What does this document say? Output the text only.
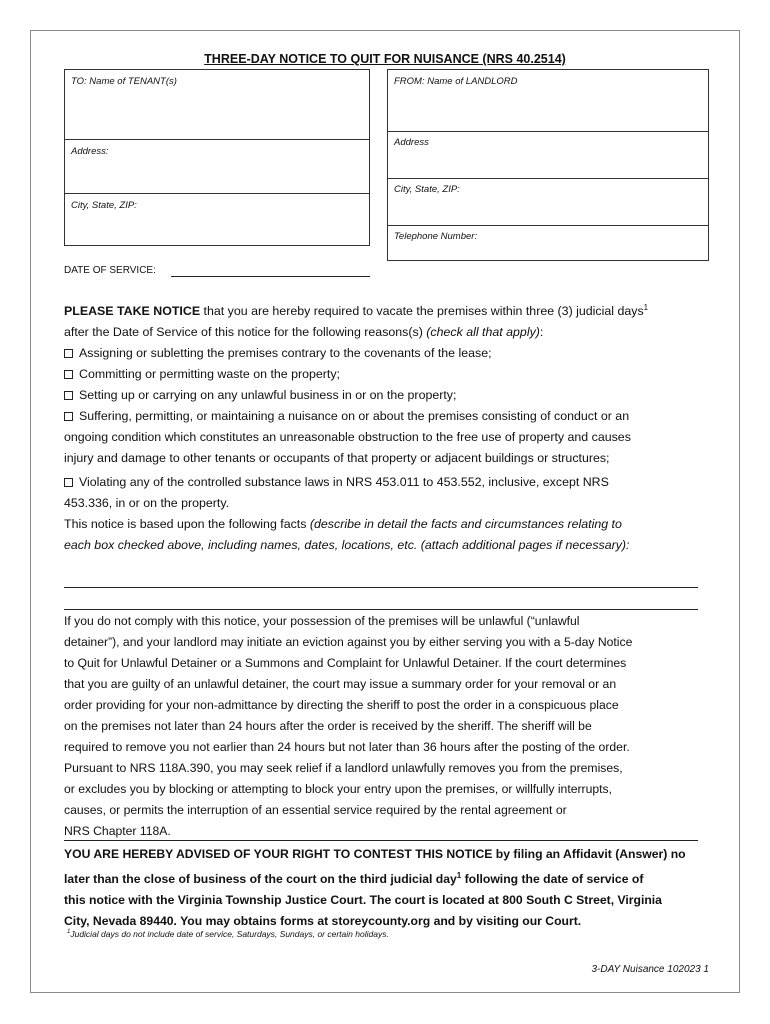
THREE-DAY NOTICE TO QUIT FOR NUISANCE (NRS 40.2514)
TO: Name of TENANT(s)
Address:
City, State, ZIP:
FROM: Name of LANDLORD
Address
City, State, ZIP:
Telephone Number:
DATE OF SERVICE:
PLEASE TAKE NOTICE that you are hereby required to vacate the premises within three (3) judicial days$^1$
after the Date of Service of this notice for the following reasons(s) (check all that apply):
Assigning or subletting the premises contrary to the covenants of the lease;
Committing or permitting waste on the property;
Setting up or carrying on any unlawful business in or on the property;
Suffering, permitting, or maintaining a nuisance on or about the premises consisting of conduct or an
ongoing condition which constitutes an unreasonable obstruction to the free use of property and causes
injury and damage to other tenants or occupants of that property or adjacent buildings or structures;
Violating any of the controlled substance laws in NRS 453.011 to 453.552, inclusive, except NRS
453.336, in or on the property.
This notice is based upon the following facts (describe in detail the facts and circumstances relating to
each box checked above, including names, dates, locations, etc. (attach additional pages if necessary):
If you do not comply with this notice, your possession of the premises will be unlawful (“unlawful
detainer”), and your landlord may initiate an eviction against you by either serving you with a 5-day Notice
to Quit for Unlawful Detainer or a Summons and Complaint for Unlawful Detainer. If the court determines
that you are guilty of an unlawful detainer, the court may issue a summary order for your removal or an
order providing for your non-admittance by directing the sheriff to post the order in a conspicuous place
on the premises not later than 24 hours after the order is received by the sheriff. The sheriff will be
required to remove you not earlier than 24 hours but not later than 36 hours after the posting of the order.
Pursuant to NRS 118A.390, you may seek relief if a landlord unlawfully removes you from the premises,
or excludes you by blocking or attempting to block your entry upon the premises, or willfully interrupts,
causes, or permits the interruption of an essential service required by the rental agreement or
NRS Chapter 118A.
YOU ARE HEREBY ADVISED OF YOUR RIGHT TO CONTEST THIS NOTICE by filing an Affidavit (Answer) no
later than the close of business of the court on the third judicial day$^1$ following the date of service of
this notice with the Virginia Township Justice Court. The court is located at 800 South C Street, Virginia
City, Nevada 89440. You may obtains forms at storeycounty.org and by visiting our Court.
$^1$Judicial days do not include date of service, Saturdays, Sundays, or certain holidays.
3-DAY Nuisance 102023 1
